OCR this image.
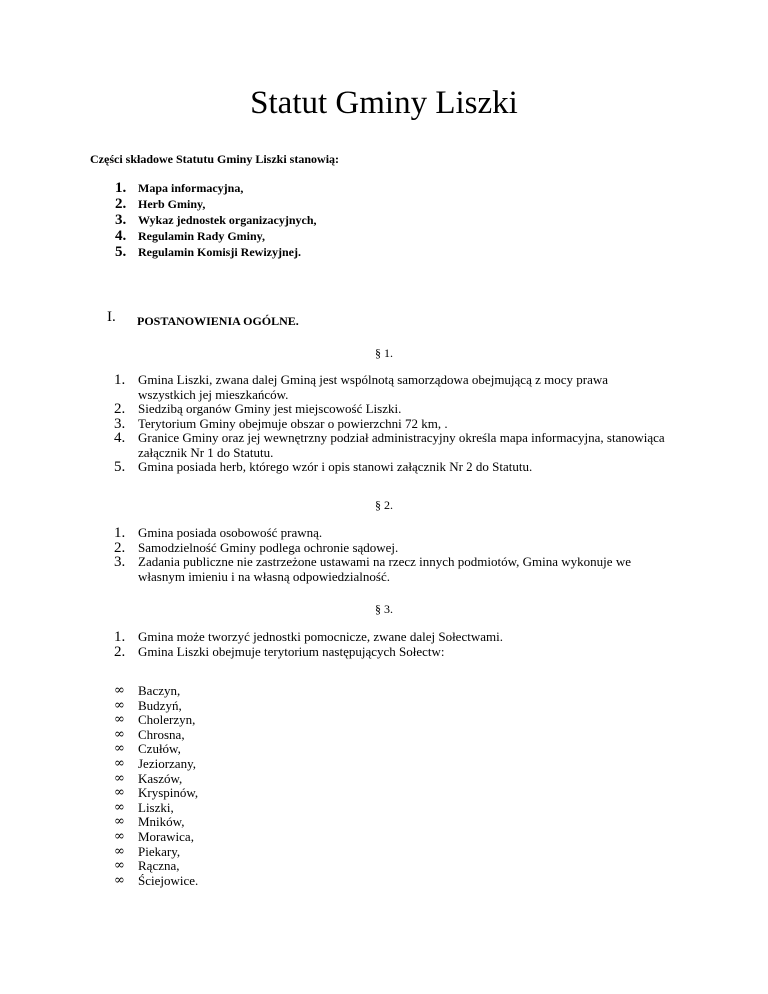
Statut Gminy Liszki
Części składowe Statutu Gminy Liszki stanowią:
1. Mapa informacyjna,
2. Herb Gminy,
3. Wykaz jednostek organizacyjnych,
4. Regulamin Rady Gminy,
5. Regulamin Komisji Rewizyjnej.
I. POSTANOWIENIA OGÓLNE.
§ 1.
1. Gmina Liszki, zwana dalej Gminą jest wspólnotą samorządowa obejmującą z mocy prawa wszystkich jej mieszkańców.
2. Siedzibą organów Gminy jest miejscowość Liszki.
3. Terytorium Gminy obejmuje obszar o powierzchni 72 km, .
4. Granice Gminy oraz jej wewnętrzny podział administracyjny określa mapa informacyjna, stanowiąca załącznik Nr 1 do Statutu.
5. Gmina posiada herb, którego wzór i opis stanowi załącznik Nr 2 do Statutu.
§ 2.
1. Gmina posiada osobowość prawną.
2. Samodzielność Gminy podlega ochronie sądowej.
3. Zadania publiczne nie zastrzeżone ustawami na rzecz innych podmiotów, Gmina wykonuje we własnym imieniu i na własną odpowiedzialność.
§ 3.
1. Gmina może tworzyć jednostki pomocnicze, zwane dalej Sołectwami.
2. Gmina Liszki obejmuje terytorium następujących Sołectw:
∞ Baczyn,
∞ Budzyń,
∞ Cholerzyn,
∞ Chrosna,
∞ Czułów,
∞ Jeziorzany,
∞ Kaszów,
∞ Kryspinów,
∞ Liszki,
∞ Mników,
∞ Morawica,
∞ Piekary,
∞ Rączna,
∞ Ściejowice.
